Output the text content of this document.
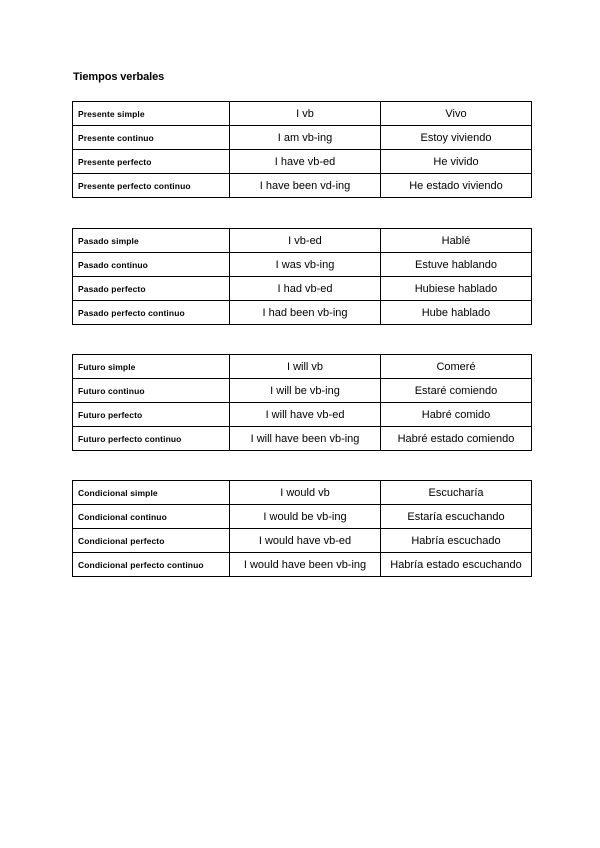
Tiempos verbales
Presente simple	I vb	Vivo
Presente continuo	I am vb-ing	Estoy viviendo
Presente perfecto	I have vb-ed	He vivido
Presente perfecto continuo	I have been vd-ing	He estado viviendo
Pasado simple	I vb-ed	Hablé
Pasado continuo	I was vb-ing	Estuve hablando
Pasado perfecto	I had vb-ed	Hubiese hablado
Pasado perfecto continuo	I had been vb-ing	Hube hablado
Futuro simple	I will vb	Comeré
Futuro continuo	I will be vb-ing	Estaré comiendo
Futuro perfecto	I will have vb-ed	Habré comido
Futuro perfecto continuo	I will have been vb-ing	Habré estado comiendo
Condicional simple	I would vb	Escucharía
Condicional continuo	I would be vb-ing	Estaría escuchando
Condicional perfecto	I would have vb-ed	Habría escuchado
Condicional perfecto continuo	I would have been vb-ing	Habría estado escuchando
